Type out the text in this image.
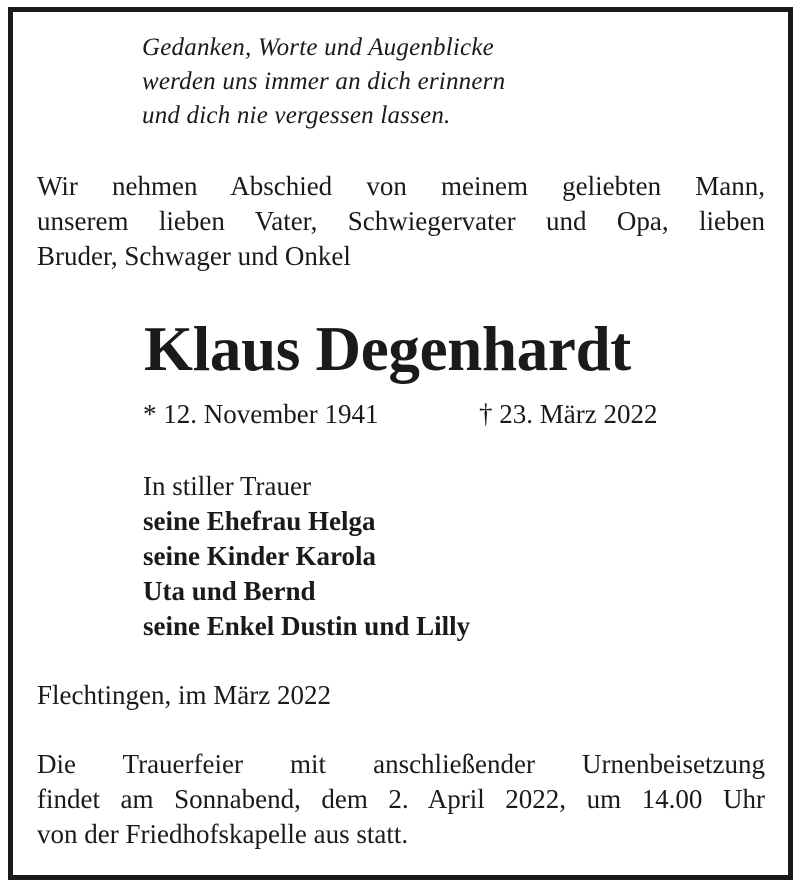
Gedanken, Worte und Augenblicke
werden uns immer an dich erinnern
und dich nie vergessen lassen.
Wir nehmen Abschied von meinem geliebten Mann,
unserem lieben Vater, Schwiegervater und Opa, lieben
Bruder, Schwager und Onkel
Klaus Degenhardt
* 12. November 1941	† 23. März 2022
In stiller Trauer
seine Ehefrau Helga
seine Kinder Karola
Uta und Bernd
seine Enkel Dustin und Lilly
Flechtingen, im März 2022
Die Trauerfeier mit anschließender Urnenbeisetzung
findet am Sonnabend, dem 2. April 2022, um 14.00 Uhr
von der Friedhofskapelle aus statt.
